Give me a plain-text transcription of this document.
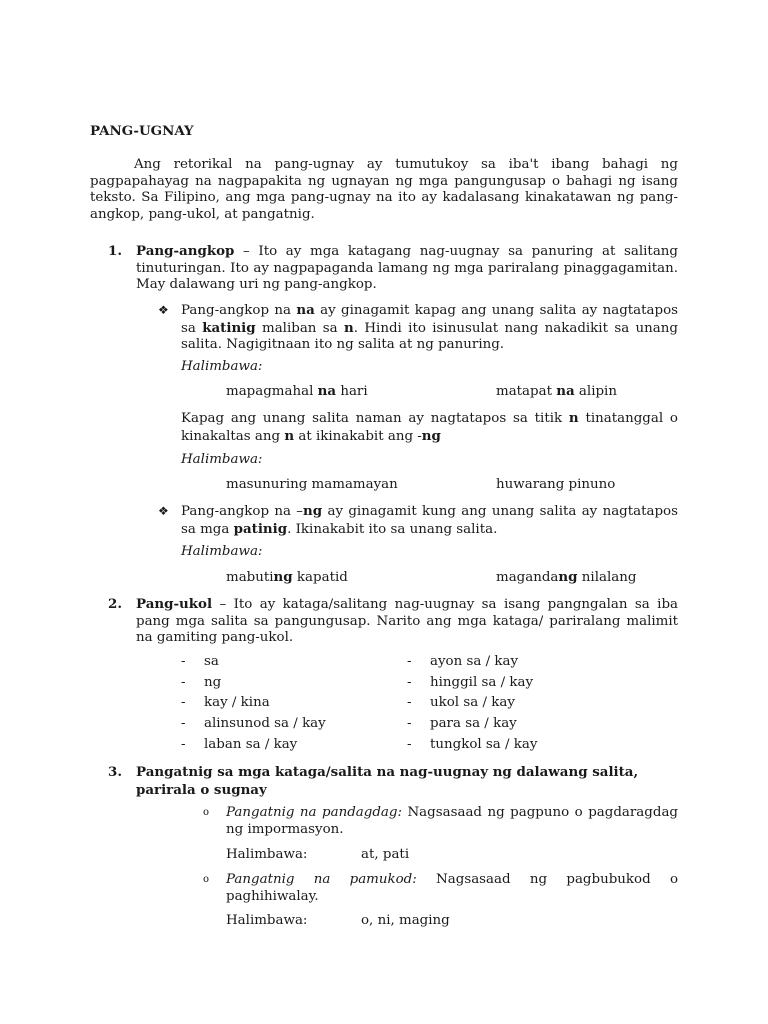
PANG-UGNAY
Ang retorikal na pang-ugnay ay tumutukoy sa iba't ibang bahagi ng pagpapahayag na nagpapakita ng ugnayan ng mga pangungusap o bahagi ng isang teksto. Sa Filipino, ang mga pang-ugnay na ito ay kadalasang kinakatawan ng pang-angkop, pang-ukol, at pangatnig.
1. Pang-angkop – Ito ay mga katagang nag-uugnay sa panuring at salitang tinuturingan. Ito ay nagpapaganda lamang ng mga pariralang pinaggagamitan. May dalawang uri ng pang-angkop.
❖ Pang-angkop na na ay ginagamit kapag ang unang salita ay nagtatapos sa katinig maliban sa n. Hindi ito isinusulat nang nakadikit sa unang salita. Nagigitnaan ito ng salita at ng panuring.
Halimbawa:
mapagmahal na hari	matapat na alipin
Kapag ang unang salita naman ay nagtatapos sa titik n tinatanggal o kinakaltas ang n at ikinakabit ang -ng
Halimbawa:
masunuring mamamayan	huwarang pinuno
❖ Pang-angkop na –ng ay ginagamit kung ang unang salita ay nagtatapos sa mga patinig. Ikinakabit ito sa unang salita.
Halimbawa:
mabuting kapatid	magandang nilalang
2. Pang-ukol – Ito ay kataga/salitang nag-uugnay sa isang pangngalan sa iba pang mga salita sa pangungusap. Narito ang mga kataga/ pariralang malimit na gamiting pang-ukol.
- sa	- ayon sa / kay
- ng	- hinggil sa / kay
- kay / kina	- ukol sa / kay
- alinsunod sa / kay	- para sa / kay
- laban sa / kay	- tungkol sa / kay
3. Pangatnig sa mga kataga/salita na nag-uugnay ng dalawang salita, parirala o sugnay
o Pangatnig na pandagdag: Nagsasaad ng pagpuno o pagdaragdag ng impormasyon.
Halimbawa:	at, pati
o Pangatnig na pamukod: Nagsasaad ng pagbubukod o paghihiwalay.
Halimbawa:	o, ni, maging
